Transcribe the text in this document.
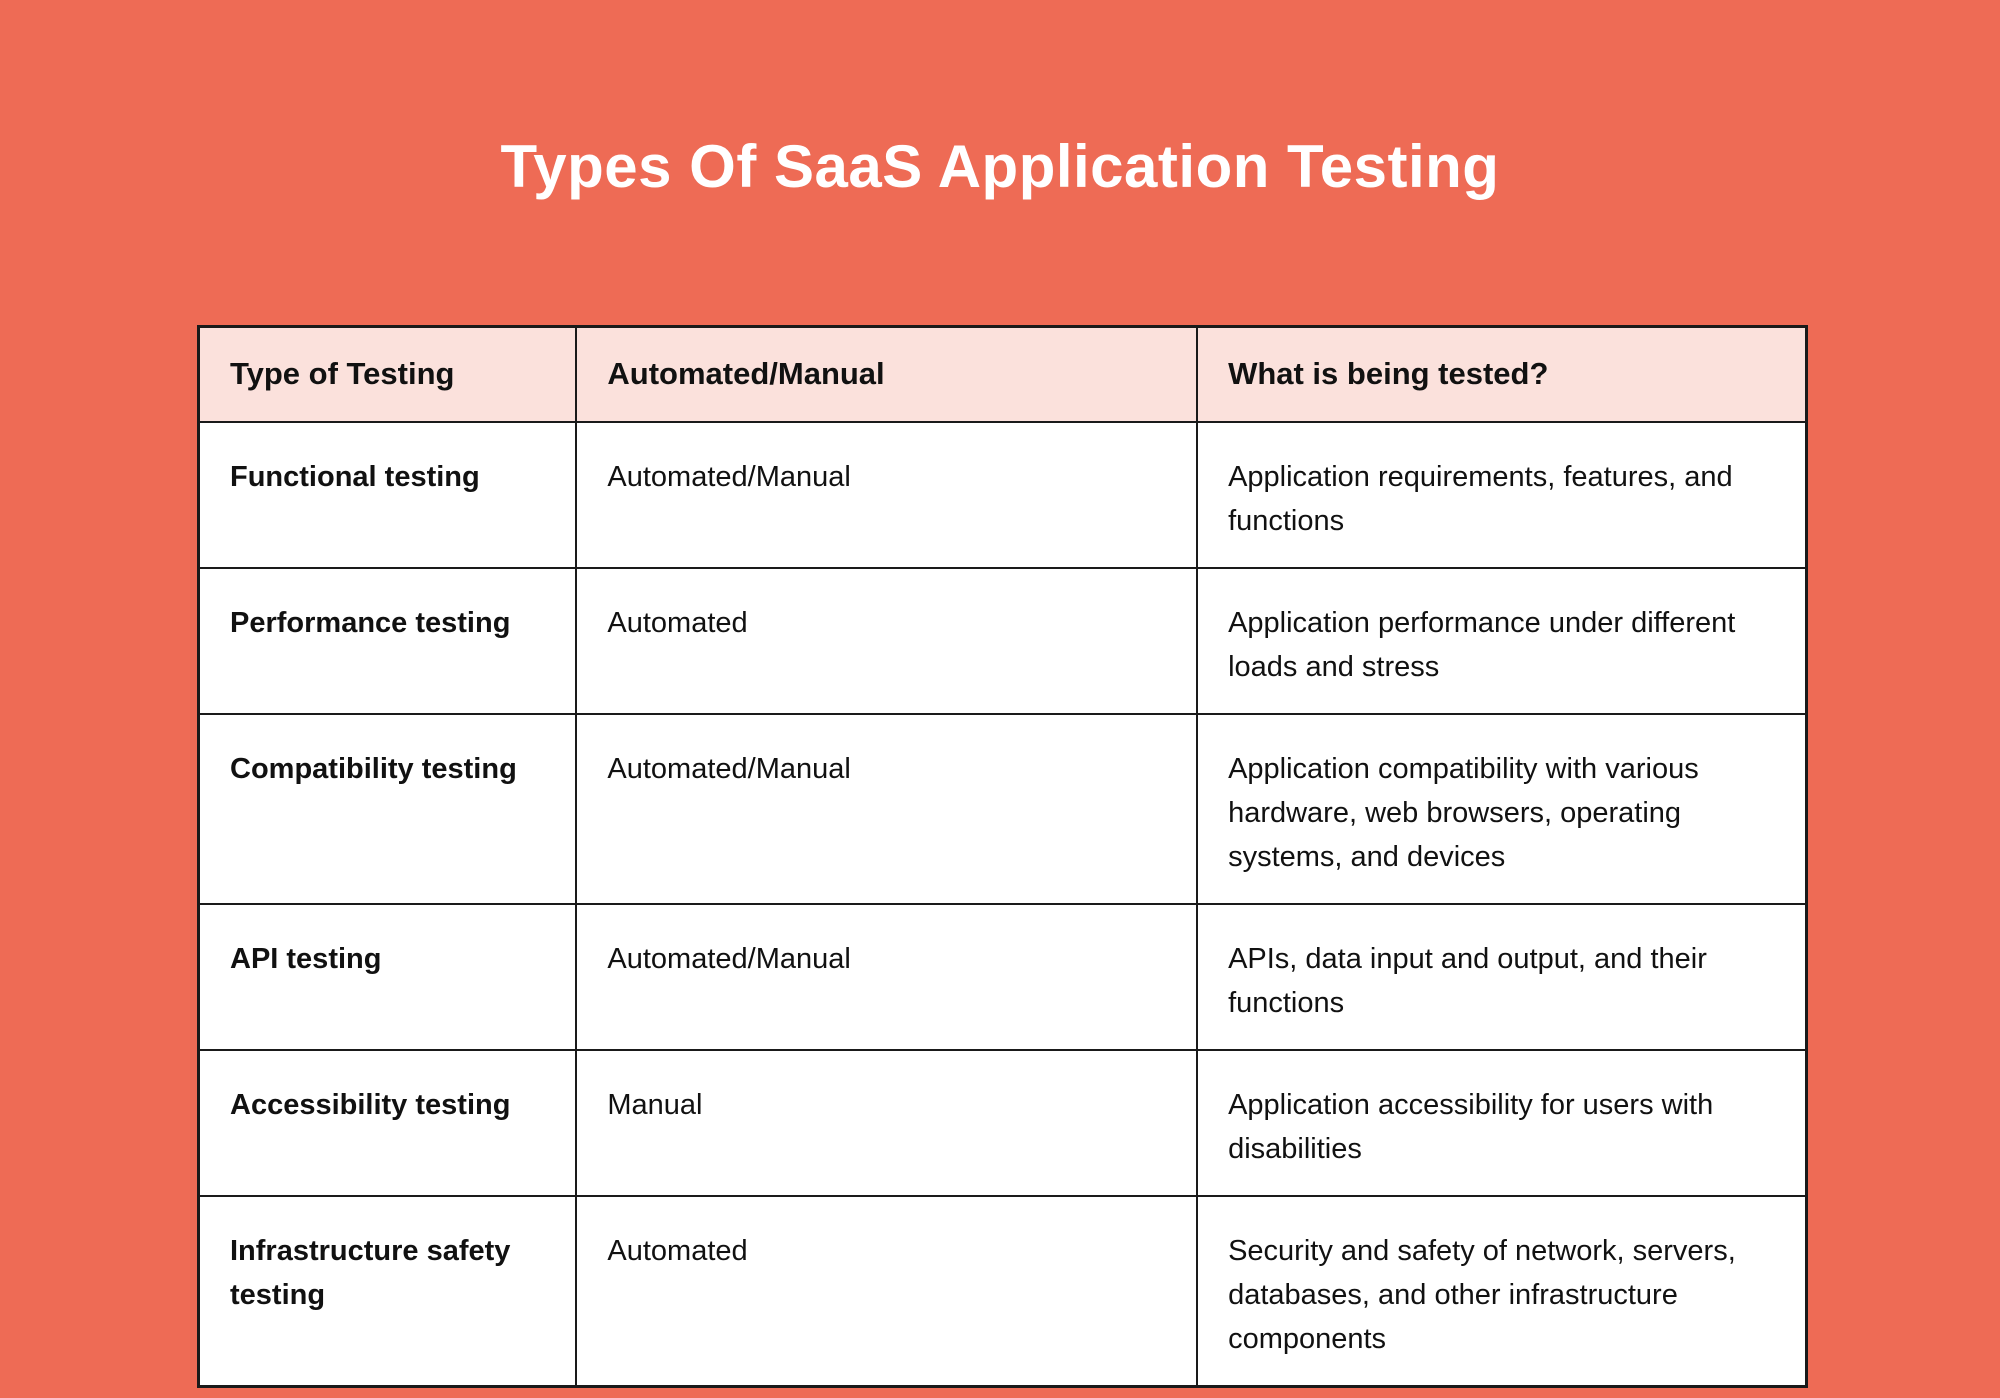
Types Of SaaS Application Testing
Type of Testing	Automated/Manual	What is being tested?
Functional testing	Automated/Manual	Application requirements, features, and functions
Performance testing	Automated	Application performance under different loads and stress
Compatibility testing	Automated/Manual	Application compatibility with various hardware, web browsers, operating systems, and devices
API testing	Automated/Manual	APIs, data input and output, and their functions
Accessibility testing	Manual	Application accessibility for users with disabilities
Infrastructure safety testing	Automated	Security and safety of network, servers, databases, and other infrastructure components
